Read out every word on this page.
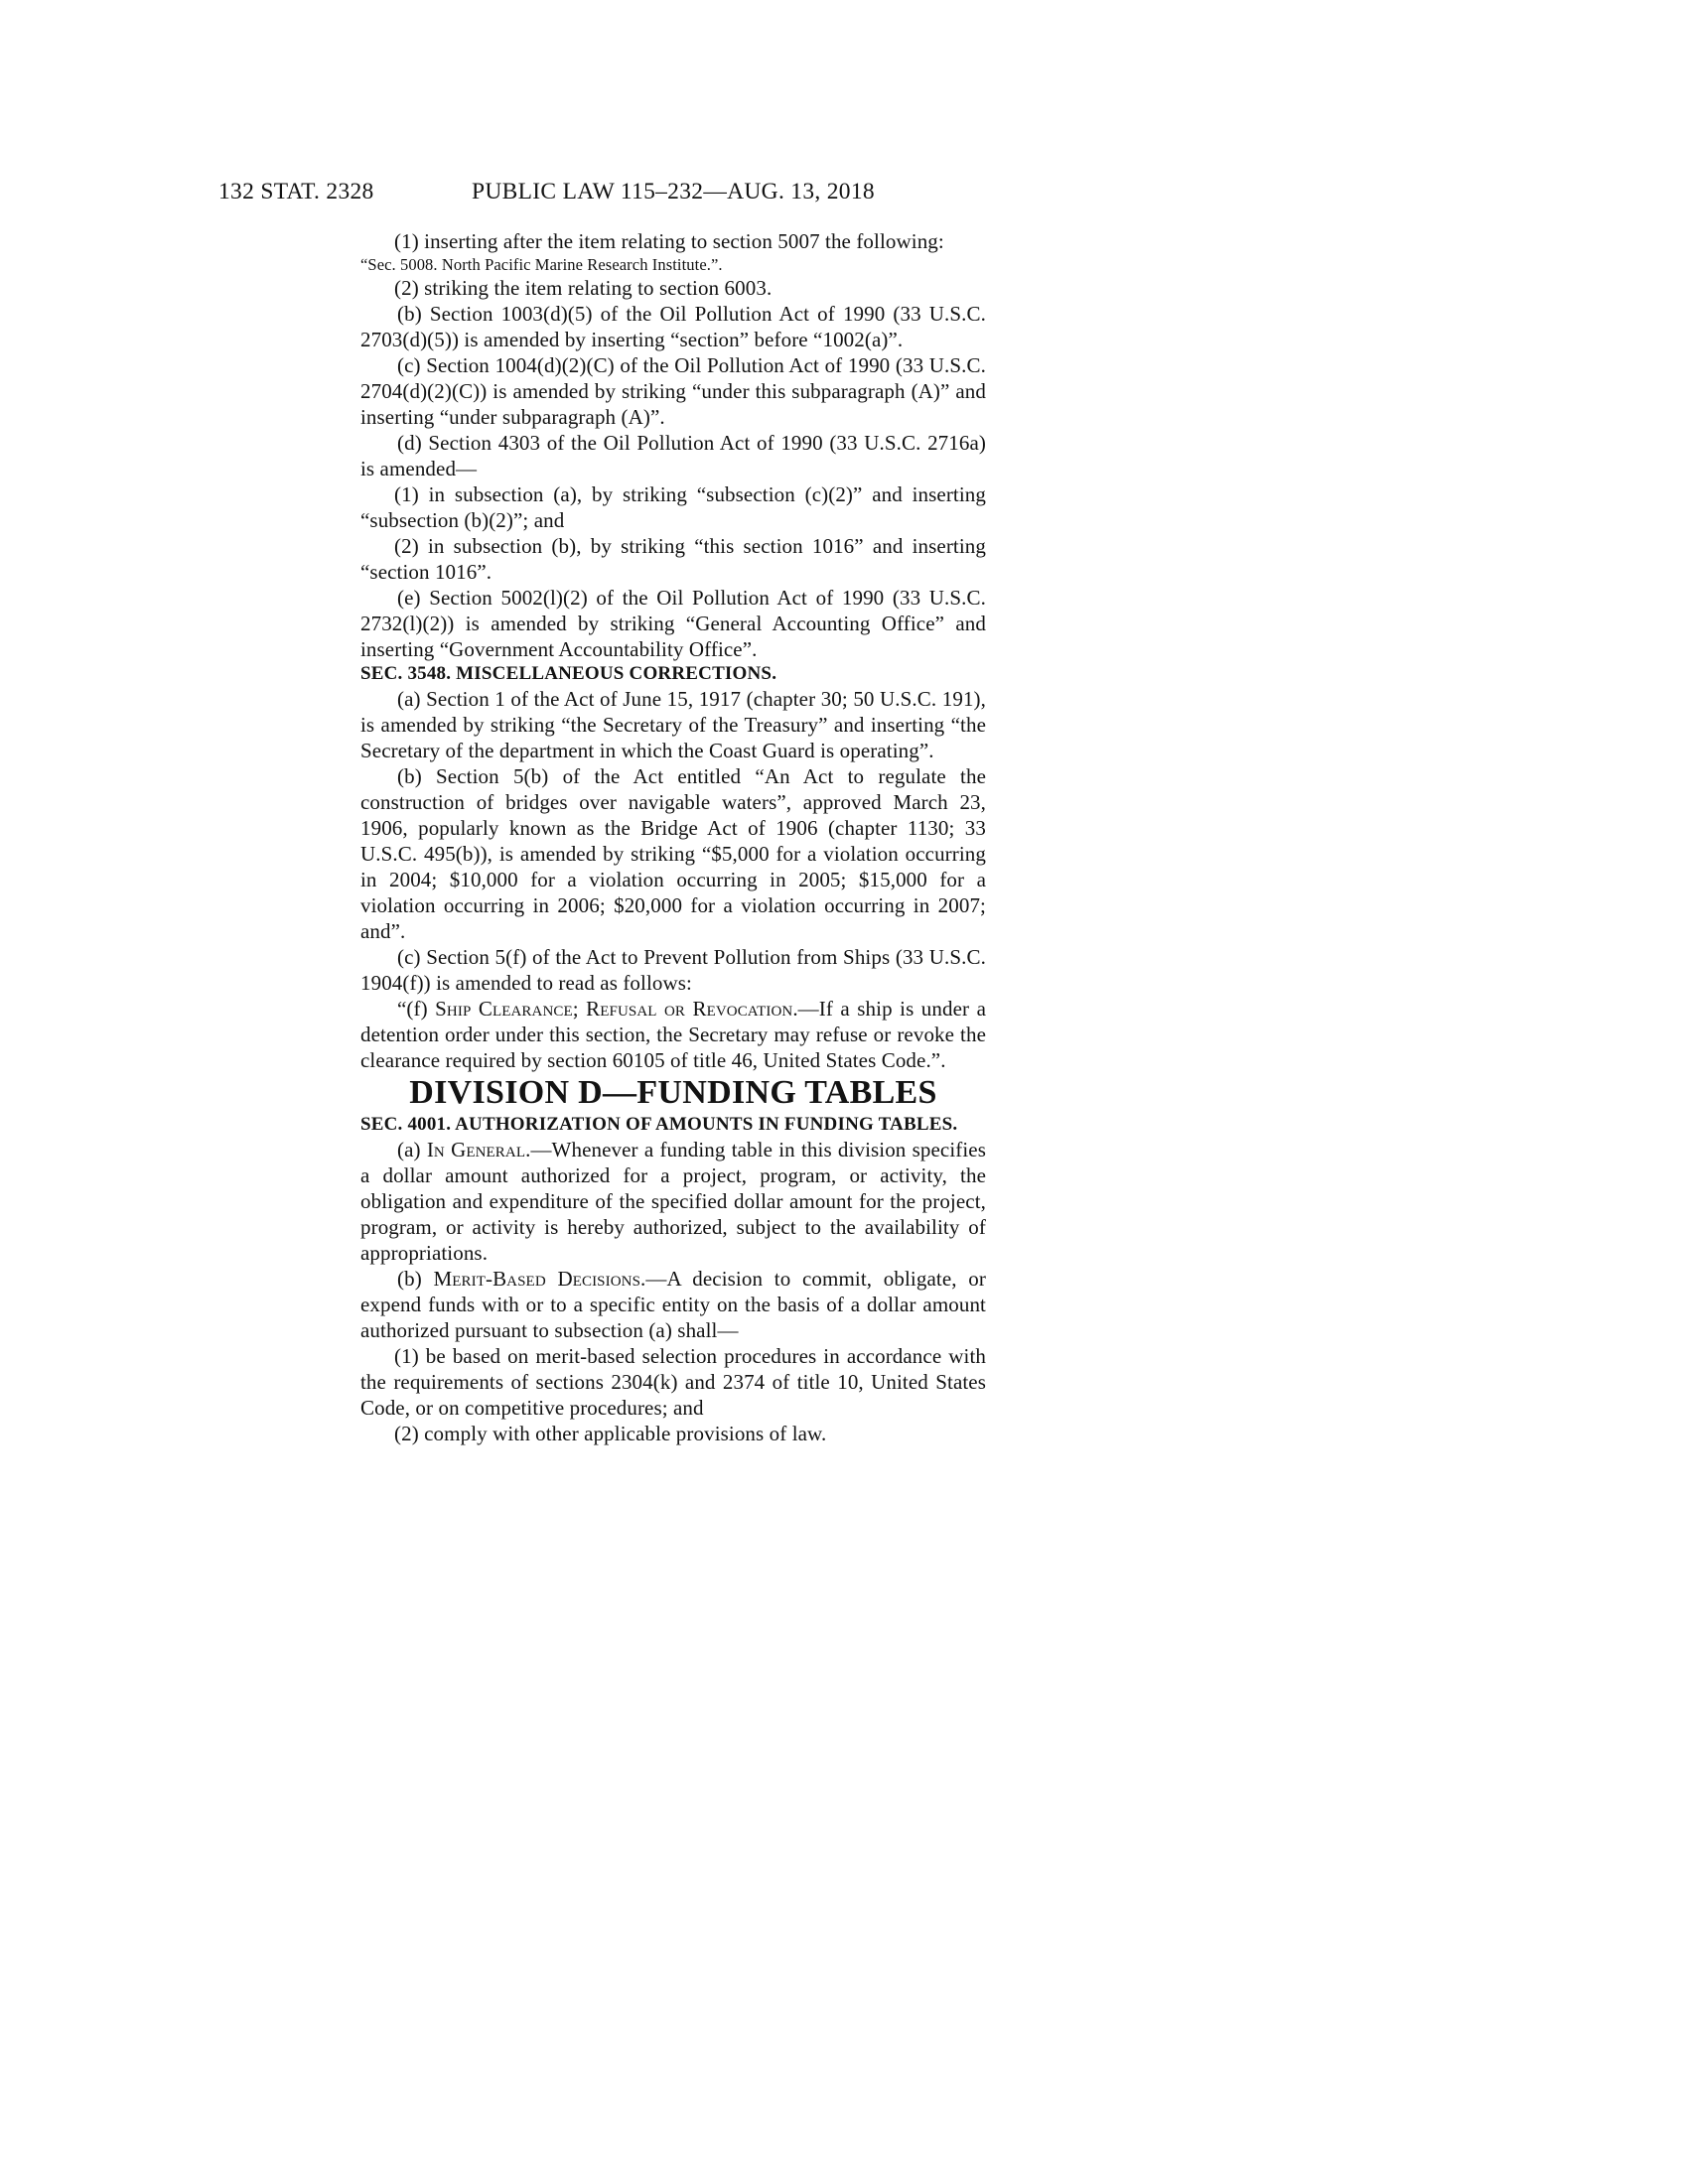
132 STAT. 2328	PUBLIC LAW 115–232—AUG. 13, 2018

(1) inserting after the item relating to section 5007 the following:

“Sec. 5008. North Pacific Marine Research Institute.”.

(2) striking the item relating to section 6003.

(b) Section 1003(d)(5) of the Oil Pollution Act of 1990 (33 U.S.C. 2703(d)(5)) is amended by inserting “section” before “1002(a)”.

(c) Section 1004(d)(2)(C) of the Oil Pollution Act of 1990 (33 U.S.C. 2704(d)(2)(C)) is amended by striking “under this subparagraph (A)” and inserting “under subparagraph (A)”.

(d) Section 4303 of the Oil Pollution Act of 1990 (33 U.S.C. 2716a) is amended—

(1) in subsection (a), by striking “subsection (c)(2)” and inserting “subsection (b)(2)”; and

(2) in subsection (b), by striking “this section 1016” and inserting “section 1016”.

(e) Section 5002(l)(2) of the Oil Pollution Act of 1990 (33 U.S.C. 2732(l)(2)) is amended by striking “General Accounting Office” and inserting “Government Accountability Office”.

SEC. 3548. MISCELLANEOUS CORRECTIONS.

(a) Section 1 of the Act of June 15, 1917 (chapter 30; 50 U.S.C. 191), is amended by striking “the Secretary of the Treasury” and inserting “the Secretary of the department in which the Coast Guard is operating”.

(b) Section 5(b) of the Act entitled “An Act to regulate the construction of bridges over navigable waters”, approved March 23, 1906, popularly known as the Bridge Act of 1906 (chapter 1130; 33 U.S.C. 495(b)), is amended by striking “$5,000 for a violation occurring in 2004; $10,000 for a violation occurring in 2005; $15,000 for a violation occurring in 2006; $20,000 for a violation occurring in 2007; and”.

(c) Section 5(f) of the Act to Prevent Pollution from Ships (33 U.S.C. 1904(f)) is amended to read as follows:

“(f) Ship Clearance; Refusal or Revocation.—If a ship is under a detention order under this section, the Secretary may refuse or revoke the clearance required by section 60105 of title 46, United States Code.”.

DIVISION D—FUNDING TABLES

SEC. 4001. AUTHORIZATION OF AMOUNTS IN FUNDING TABLES.

(a) In General.—Whenever a funding table in this division specifies a dollar amount authorized for a project, program, or activity, the obligation and expenditure of the specified dollar amount for the project, program, or activity is hereby authorized, subject to the availability of appropriations.

(b) Merit-Based Decisions.—A decision to commit, obligate, or expend funds with or to a specific entity on the basis of a dollar amount authorized pursuant to subsection (a) shall—

(1) be based on merit-based selection procedures in accordance with the requirements of sections 2304(k) and 2374 of title 10, United States Code, or on competitive procedures; and

(2) comply with other applicable provisions of law.
